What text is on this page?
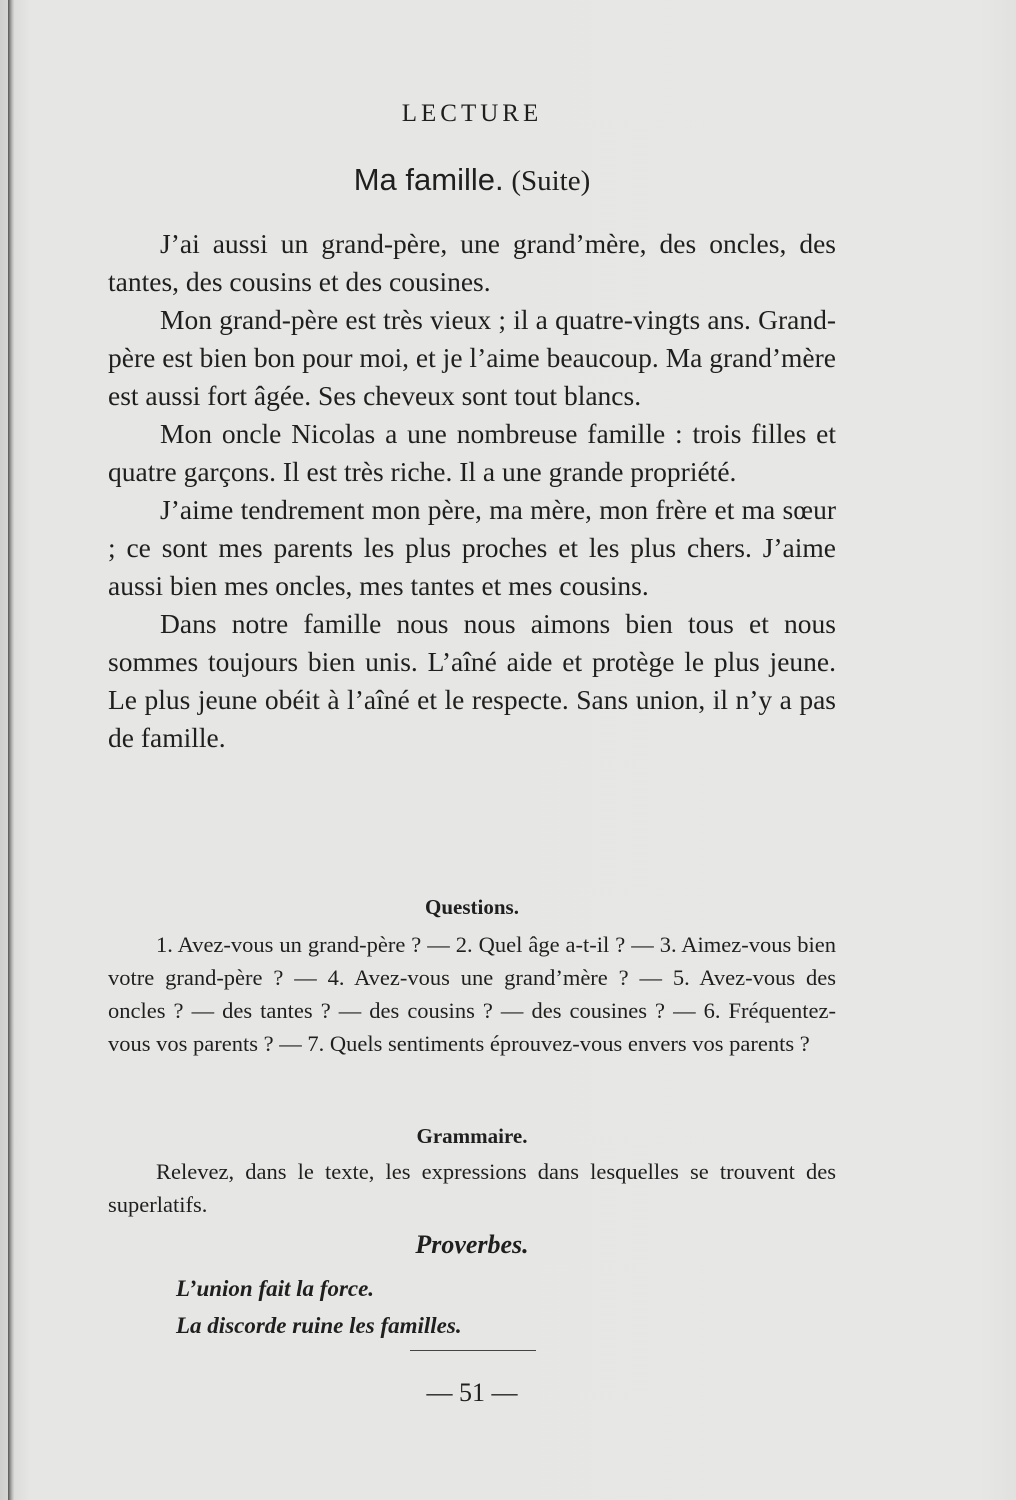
LECTURE
Ma famille. (Suite)

J’ai aussi un grand-père, une grand’mère, des oncles, des tantes, des cousins et des cousines.

Mon grand-père est très vieux ; il a quatre-vingts ans. Grand-père est bien bon pour moi, et je l’aime beaucoup. Ma grand’mère est aussi fort âgée. Ses cheveux sont tout blancs.

Mon oncle Nicolas a une nombreuse famille : trois filles et quatre garçons. Il est très riche. Il a une grande propriété.

J’aime tendrement mon père, ma mère, mon frère et ma sœur ; ce sont mes parents les plus proches et les plus chers. J’aime aussi bien mes oncles, mes tantes et mes cousins.

Dans notre famille nous nous aimons bien tous et nous sommes toujours bien unis. L’aîné aide et protège le plus jeune. Le plus jeune obéit à l’aîné et le respecte. Sans union, il n’y a pas de famille.

Questions.

1. Avez-vous un grand-père ? — 2. Quel âge a-t-il ? — 3. Aimez-vous bien votre grand-père ? — 4. Avez-vous une grand’mère ? — 5. Avez-vous des oncles ? — des tantes ? — des cousins ? — des cousines ? — 6. Fréquentez-vous vos parents ? — 7. Quels sentiments éprouvez-vous envers vos parents ?

Grammaire.

Relevez, dans le texte, les expressions dans lesquelles se trouvent des superlatifs.

Proverbes.
L’union fait la force.
La discorde ruine les familles.
— 51 —
